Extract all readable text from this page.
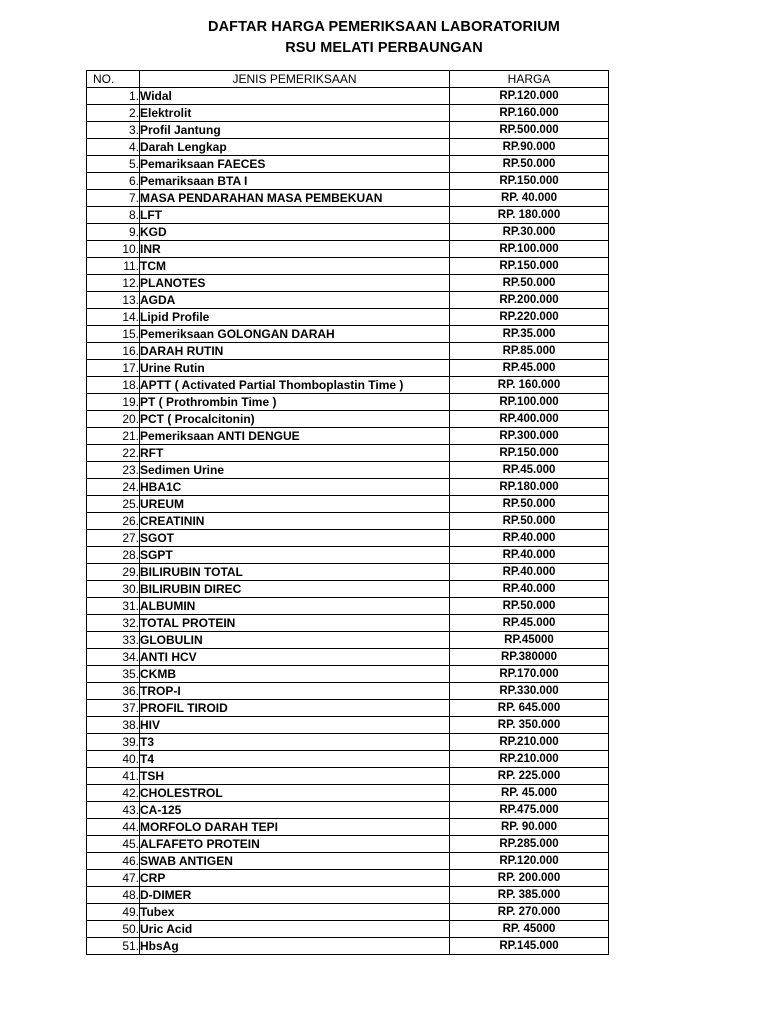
DAFTAR HARGA PEMERIKSAAN LABORATORIUM
RSU MELATI PERBAUNGAN
NO.	JENIS PEMERIKSAAN	HARGA
1.	Widal	RP.120.000
2.	Elektrolit	RP.160.000
3.	Profil Jantung	RP.500.000
4.	Darah Lengkap	RP.90.000
5.	Pemariksaan FAECES	RP.50.000
6.	Pemariksaan BTA I	RP.150.000
7.	MASA PENDARAHAN MASA PEMBEKUAN	RP. 40.000
8.	LFT	RP. 180.000
9.	KGD	RP.30.000
10.	INR	RP.100.000
11.	TCM	RP.150.000
12.	PLANOTES	RP.50.000
13.	AGDA	RP.200.000
14.	Lipid Profile	RP.220.000
15.	Pemeriksaan GOLONGAN DARAH	RP.35.000
16.	DARAH RUTIN	RP.85.000
17.	Urine Rutin	RP.45.000
18.	APTT ( Activated Partial Thomboplastin Time )	RP. 160.000
19.	PT ( Prothrombin Time )	RP.100.000
20.	PCT ( Procalcitonin)	RP.400.000
21.	Pemeriksaan ANTI DENGUE	RP.300.000
22.	RFT	RP.150.000
23.	Sedimen Urine	RP.45.000
24.	HBA1C	RP.180.000
25.	UREUM	RP.50.000
26.	CREATININ	RP.50.000
27.	SGOT	RP.40.000
28.	SGPT	RP.40.000
29.	BILIRUBIN TOTAL	RP.40.000
30.	BILIRUBIN DIREC	RP.40.000
31.	ALBUMIN	RP.50.000
32.	TOTAL PROTEIN	RP.45.000
33.	GLOBULIN	RP.45000
34.	ANTI HCV	RP.380000
35.	CKMB	RP.170.000
36.	TROP-I	RP.330.000
37.	PROFIL TIROID	RP. 645.000
38.	HIV	RP. 350.000
39.	T3	RP.210.000
40.	T4	RP.210.000
41.	TSH	RP. 225.000
42.	CHOLESTROL	RP. 45.000
43.	CA-125	RP.475.000
44.	MORFOLO DARAH TEPI	RP. 90.000
45.	ALFAFETO PROTEIN	RP.285.000
46.	SWAB ANTIGEN	RP.120.000
47.	CRP	RP. 200.000
48.	D-DIMER	RP. 385.000
49.	Tubex	RP. 270.000
50.	Uric Acid	RP. 45000
51.	HbsAg	RP.145.000
